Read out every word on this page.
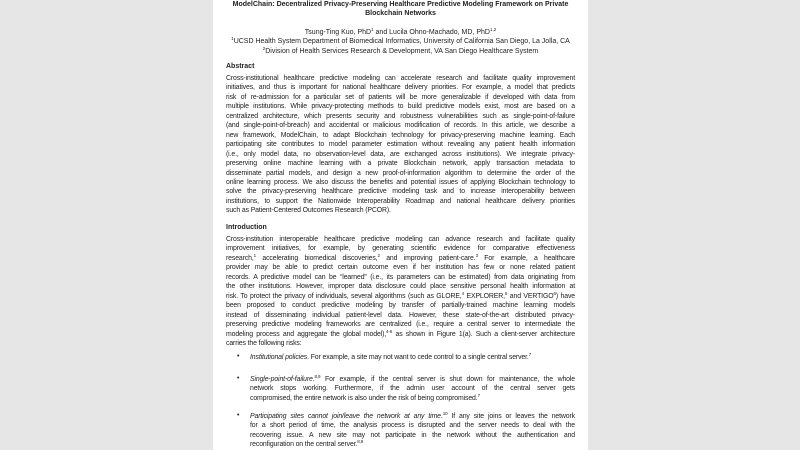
ModelChain: Decentralized Privacy-Preserving Healthcare Predictive Modeling Framework on Private
Blockchain Networks
Tsung-Ting Kuo, PhD$^1$ and Lucila Ohno-Machado, MD, PhD$^{1,2}$
$^1$UCSD Health System Department of Biomedical Informatics, University of California San Diego, La Jolla, CA
$^2$Division of Health Services Research & Development, VA San Diego Healthcare System
Abstract
Cross-institutional healthcare predictive modeling can accelerate research and facilitate quality improvement
initiatives, and thus is important for national healthcare delivery priorities. For example, a model that predicts
risk of re-admission for a particular set of patients will be more generalizable if developed with data from
multiple institutions. While privacy-protecting methods to build predictive models exist, most are based on a
centralized architecture, which presents security and robustness vulnerabilities such as single-point-of-failure
(and single-point-of-breach) and accidental or malicious modification of records. In this article, we describe a
new framework, ModelChain, to adapt Blockchain technology for privacy-preserving machine learning. Each
participating site contributes to model parameter estimation without revealing any patient health information
(i.e., only model data, no observation-level data, are exchanged across institutions). We integrate privacy-
preserving online machine learning with a private Blockchain network, apply transaction metadata to
disseminate partial models, and design a new proof-of-information algorithm to determine the order of the
online learning process. We also discuss the benefits and potential issues of applying Blockchain technology to
solve the privacy-preserving healthcare predictive modeling task and to increase interoperability between
institutions, to support the Nationwide Interoperability Roadmap and national healthcare delivery priorities
such as Patient-Centered Outcomes Research (PCOR).
Introduction
Cross-institution interoperable healthcare predictive modeling can advance research and facilitate quality
improvement initiatives, for example, by generating scientific evidence for comparative effectiveness
research,$^1$ accelerating biomedical discoveries,$^2$ and improving patient-care.$^3$ For example, a healthcare
provider may be able to predict certain outcome even if her institution has few or none related patient
records. A predictive model can be “learned” (i.e., its parameters can be estimated) from data originating from
the other institutions. However, improper data disclosure could place sensitive personal health information at
risk. To protect the privacy of individuals, several algorithms (such as GLORE,$^4$ EXPLORER,$^5$ and VERTIGO$^6$) have
been proposed to conduct predictive modeling by transfer of partially-trained machine learning models
instead of disseminating individual patient-level data. However, these state-of-the-art distributed privacy-
preserving predictive modeling frameworks are centralized (i.e., require a central server to intermediate the
modeling process and aggregate the global model),$^{4-6}$ as shown in Figure 1(a). Such a client-server architecture
carries the following risks:
• Institutional policies. For example, a site may not want to cede control to a single central server.$^7$
• Single-point-of-failure.$^{8,9}$ For example, if the central server is shut down for maintenance, the whole
network stops working. Furthermore, if the admin user account of the central server gets
compromised, the entire network is also under the risk of being compromised.$^7$
• Participating sites cannot join/leave the network at any time.$^{10}$ If any site joins or leaves the network
for a short period of time, the analysis process is disrupted and the server needs to deal with the
recovering issue. A new site may not participate in the network without the authentication and
reconfiguration on the central server.$^{8,9}$
